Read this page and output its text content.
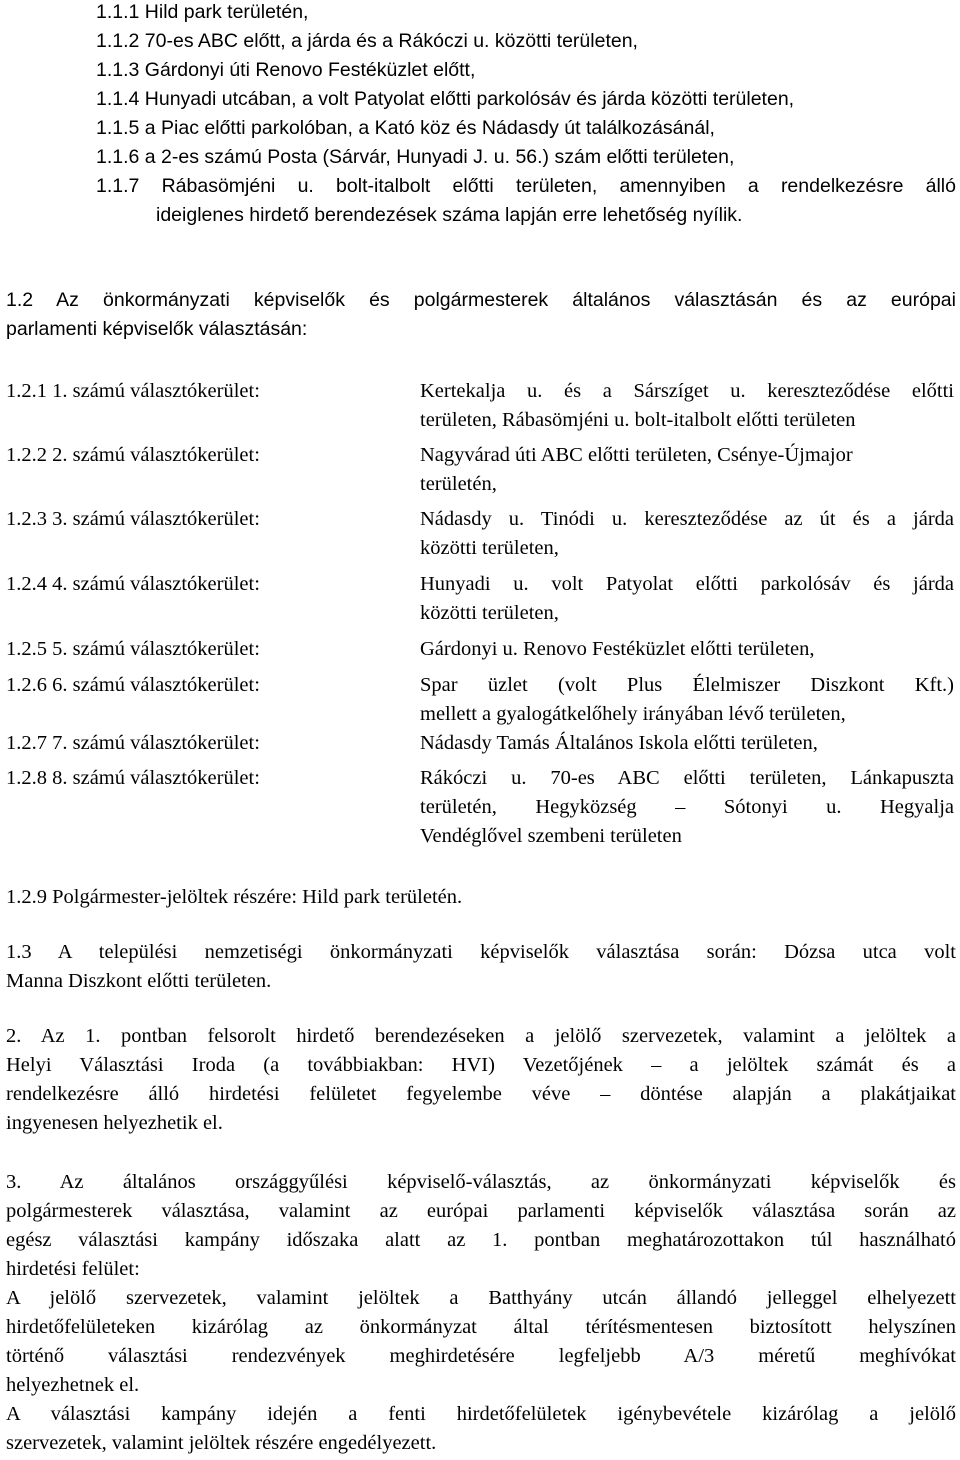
1.1.1 Hild park területén,
1.1.2 70-es ABC előtt, a járda és a Rákóczi u. közötti területen,
1.1.3 Gárdonyi úti Renovo Festéküzlet előtt,
1.1.4 Hunyadi utcában, a volt Patyolat előtti parkolósáv és járda közötti területen,
1.1.5 a Piac előtti parkolóban, a Kató köz és Nádasdy út találkozásánál,
1.1.6 a 2-es számú Posta (Sárvár, Hunyadi J. u. 56.) szám előtti területen,
1.1.7 Rábasömjéni u. bolt-italbolt előtti területen, amennyiben a rendelkezésre álló
ideiglenes hirdető berendezések száma lapján erre lehetőség nyílik.
1.2 Az önkormányzati képviselők és polgármesterek általános választásán és az európai
parlamenti képviselők választásán:
1.2.1 1. számú választókerület:	Kertekalja u. és a Sárszíget u. kereszteződése előtti
területen, Rábasömjéni u. bolt-italbolt előtti területen
1.2.2 2. számú választókerület:	Nagyvárad úti ABC előtti területen, Csénye-Újmajor
területén,
1.2.3 3. számú választókerület:	Nádasdy u. Tinódi u. kereszteződése az út és a járda
közötti területen,
1.2.4 4. számú választókerület:	Hunyadi u. volt Patyolat előtti parkolósáv és járda
közötti területen,
1.2.5 5. számú választókerület:	Gárdonyi u. Renovo Festéküzlet előtti területen,
1.2.6 6. számú választókerület:	Spar üzlet (volt Plus Élelmiszer Diszkont Kft.)
mellett a gyalogátkelőhely irányában lévő területen,
1.2.7 7. számú választókerület:	Nádasdy Tamás Általános Iskola előtti területen,
1.2.8 8. számú választókerület:	Rákóczi u. 70-es ABC előtti területen, Lánkapuszta
területén, Hegyközség – Sótonyi u. Hegyalja
Vendéglővel szembeni területen
1.2.9 Polgármester-jelöltek részére: Hild park területén.
1.3 A települési nemzetiségi önkormányzati képviselők választása során: Dózsa utca volt
Manna Diszkont előtti területen.
2. Az 1. pontban felsorolt hirdető berendezéseken a jelölő szervezetek, valamint a jelöltek a
Helyi Választási Iroda (a továbbiakban: HVI) Vezetőjének – a jelöltek számát és a
rendelkezésre álló hirdetési felületet fegyelembe véve – döntése alapján a plakátjaikat
ingyenesen helyezhetik el.
3. Az általános országgyűlési képviselő-választás, az önkormányzati képviselők és
polgármesterek választása, valamint az európai parlamenti képviselők választása során az
egész választási kampány időszaka alatt az 1. pontban meghatározottakon túl használható
hirdetési felület:
A jelölő szervezetek, valamint jelöltek a Batthyány utcán állandó jelleggel elhelyezett
hirdetőfelületeken kizárólag az önkormányzat által térítésmentesen biztosított helyszínen
történő választási rendezvények meghirdetésére legfeljebb A/3 méretű meghívókat
helyezhetnek el.
A választási kampány idején a fenti hirdetőfelületek igénybevétele kizárólag a jelölő
szervezetek, valamint jelöltek részére engedélyezett.
